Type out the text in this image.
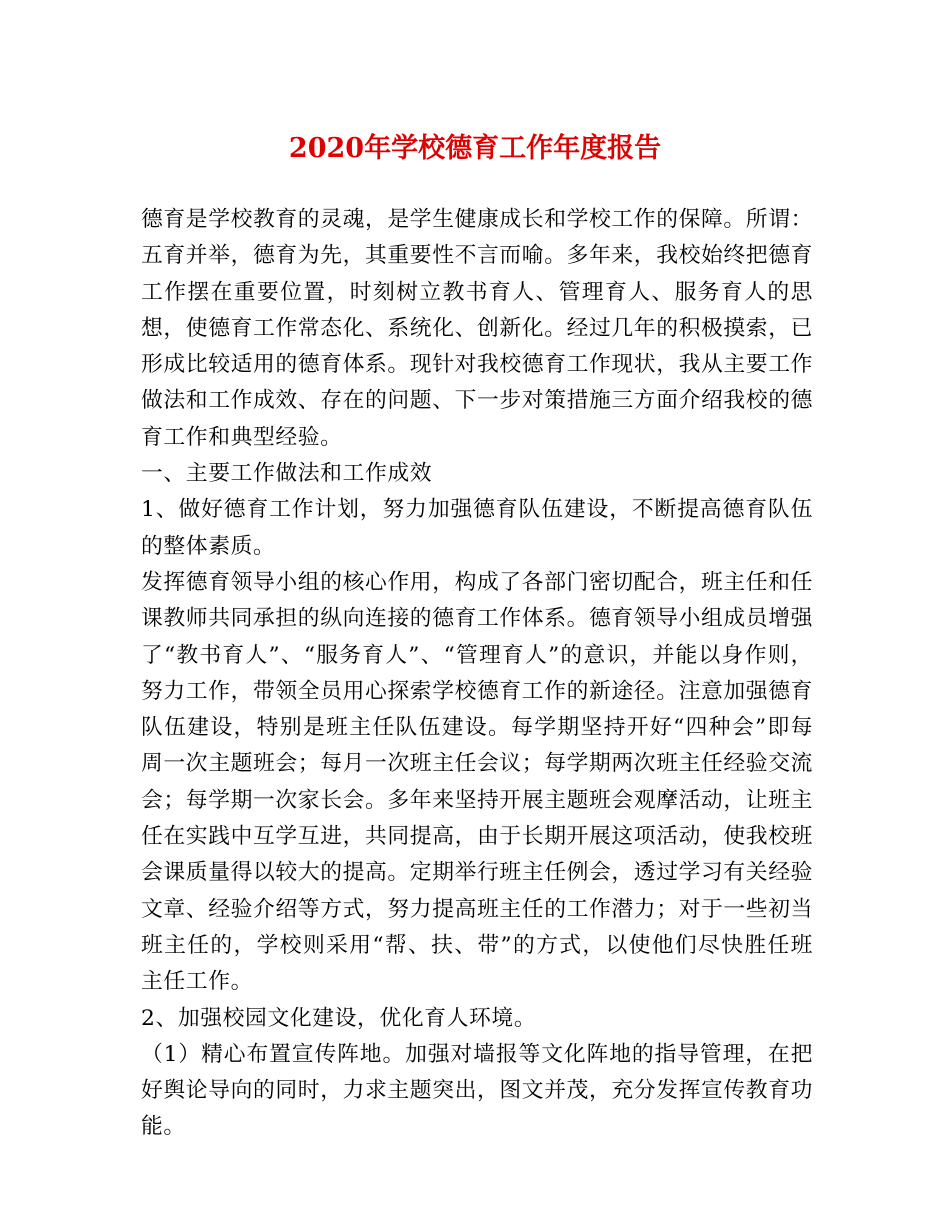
2020年学校德育工作年度报告

德育是学校教育的灵魂，是学生健康成长和学校工作的保障。所谓：五育并举，德育为先，其重要性不言而喻。多年来，我校始终把德育工作摆在重要位置，时刻树立教书育人、管理育人、服务育人的思想，使德育工作常态化、系统化、创新化。经过几年的积极摸索，已形成比较适用的德育体系。现针对我校德育工作现状，我从主要工作做法和工作成效、存在的问题、下一步对策措施三方面介绍我校的德育工作和典型经验。

一、主要工作做法和工作成效

1、做好德育工作计划，努力加强德育队伍建设，不断提高德育队伍的整体素质。

发挥德育领导小组的核心作用，构成了各部门密切配合，班主任和任课教师共同承担的纵向连接的德育工作体系。德育领导小组成员增强了“教书育人”、“服务育人”、“管理育人”的意识，并能以身作则，努力工作，带领全员用心探索学校德育工作的新途径。注意加强德育队伍建设，特别是班主任队伍建设。每学期坚持开好“四种会”即每周一次主题班会；每月一次班主任会议；每学期两次班主任经验交流会；每学期一次家长会。多年来坚持开展主题班会观摩活动，让班主任在实践中互学互进，共同提高，由于长期开展这项活动，使我校班会课质量得以较大的提高。定期举行班主任例会，透过学习有关经验文章、经验介绍等方式，努力提高班主任的工作潜力；对于一些初当班主任的，学校则采用“帮、扶、带”的方式，以使他们尽快胜任班主任工作。

2、加强校园文化建设，优化育人环境。

（1）精心布置宣传阵地。加强对墙报等文化阵地的指导管理，在把好舆论导向的同时，力求主题突出，图文并茂，充分发挥宣传教育功能。
